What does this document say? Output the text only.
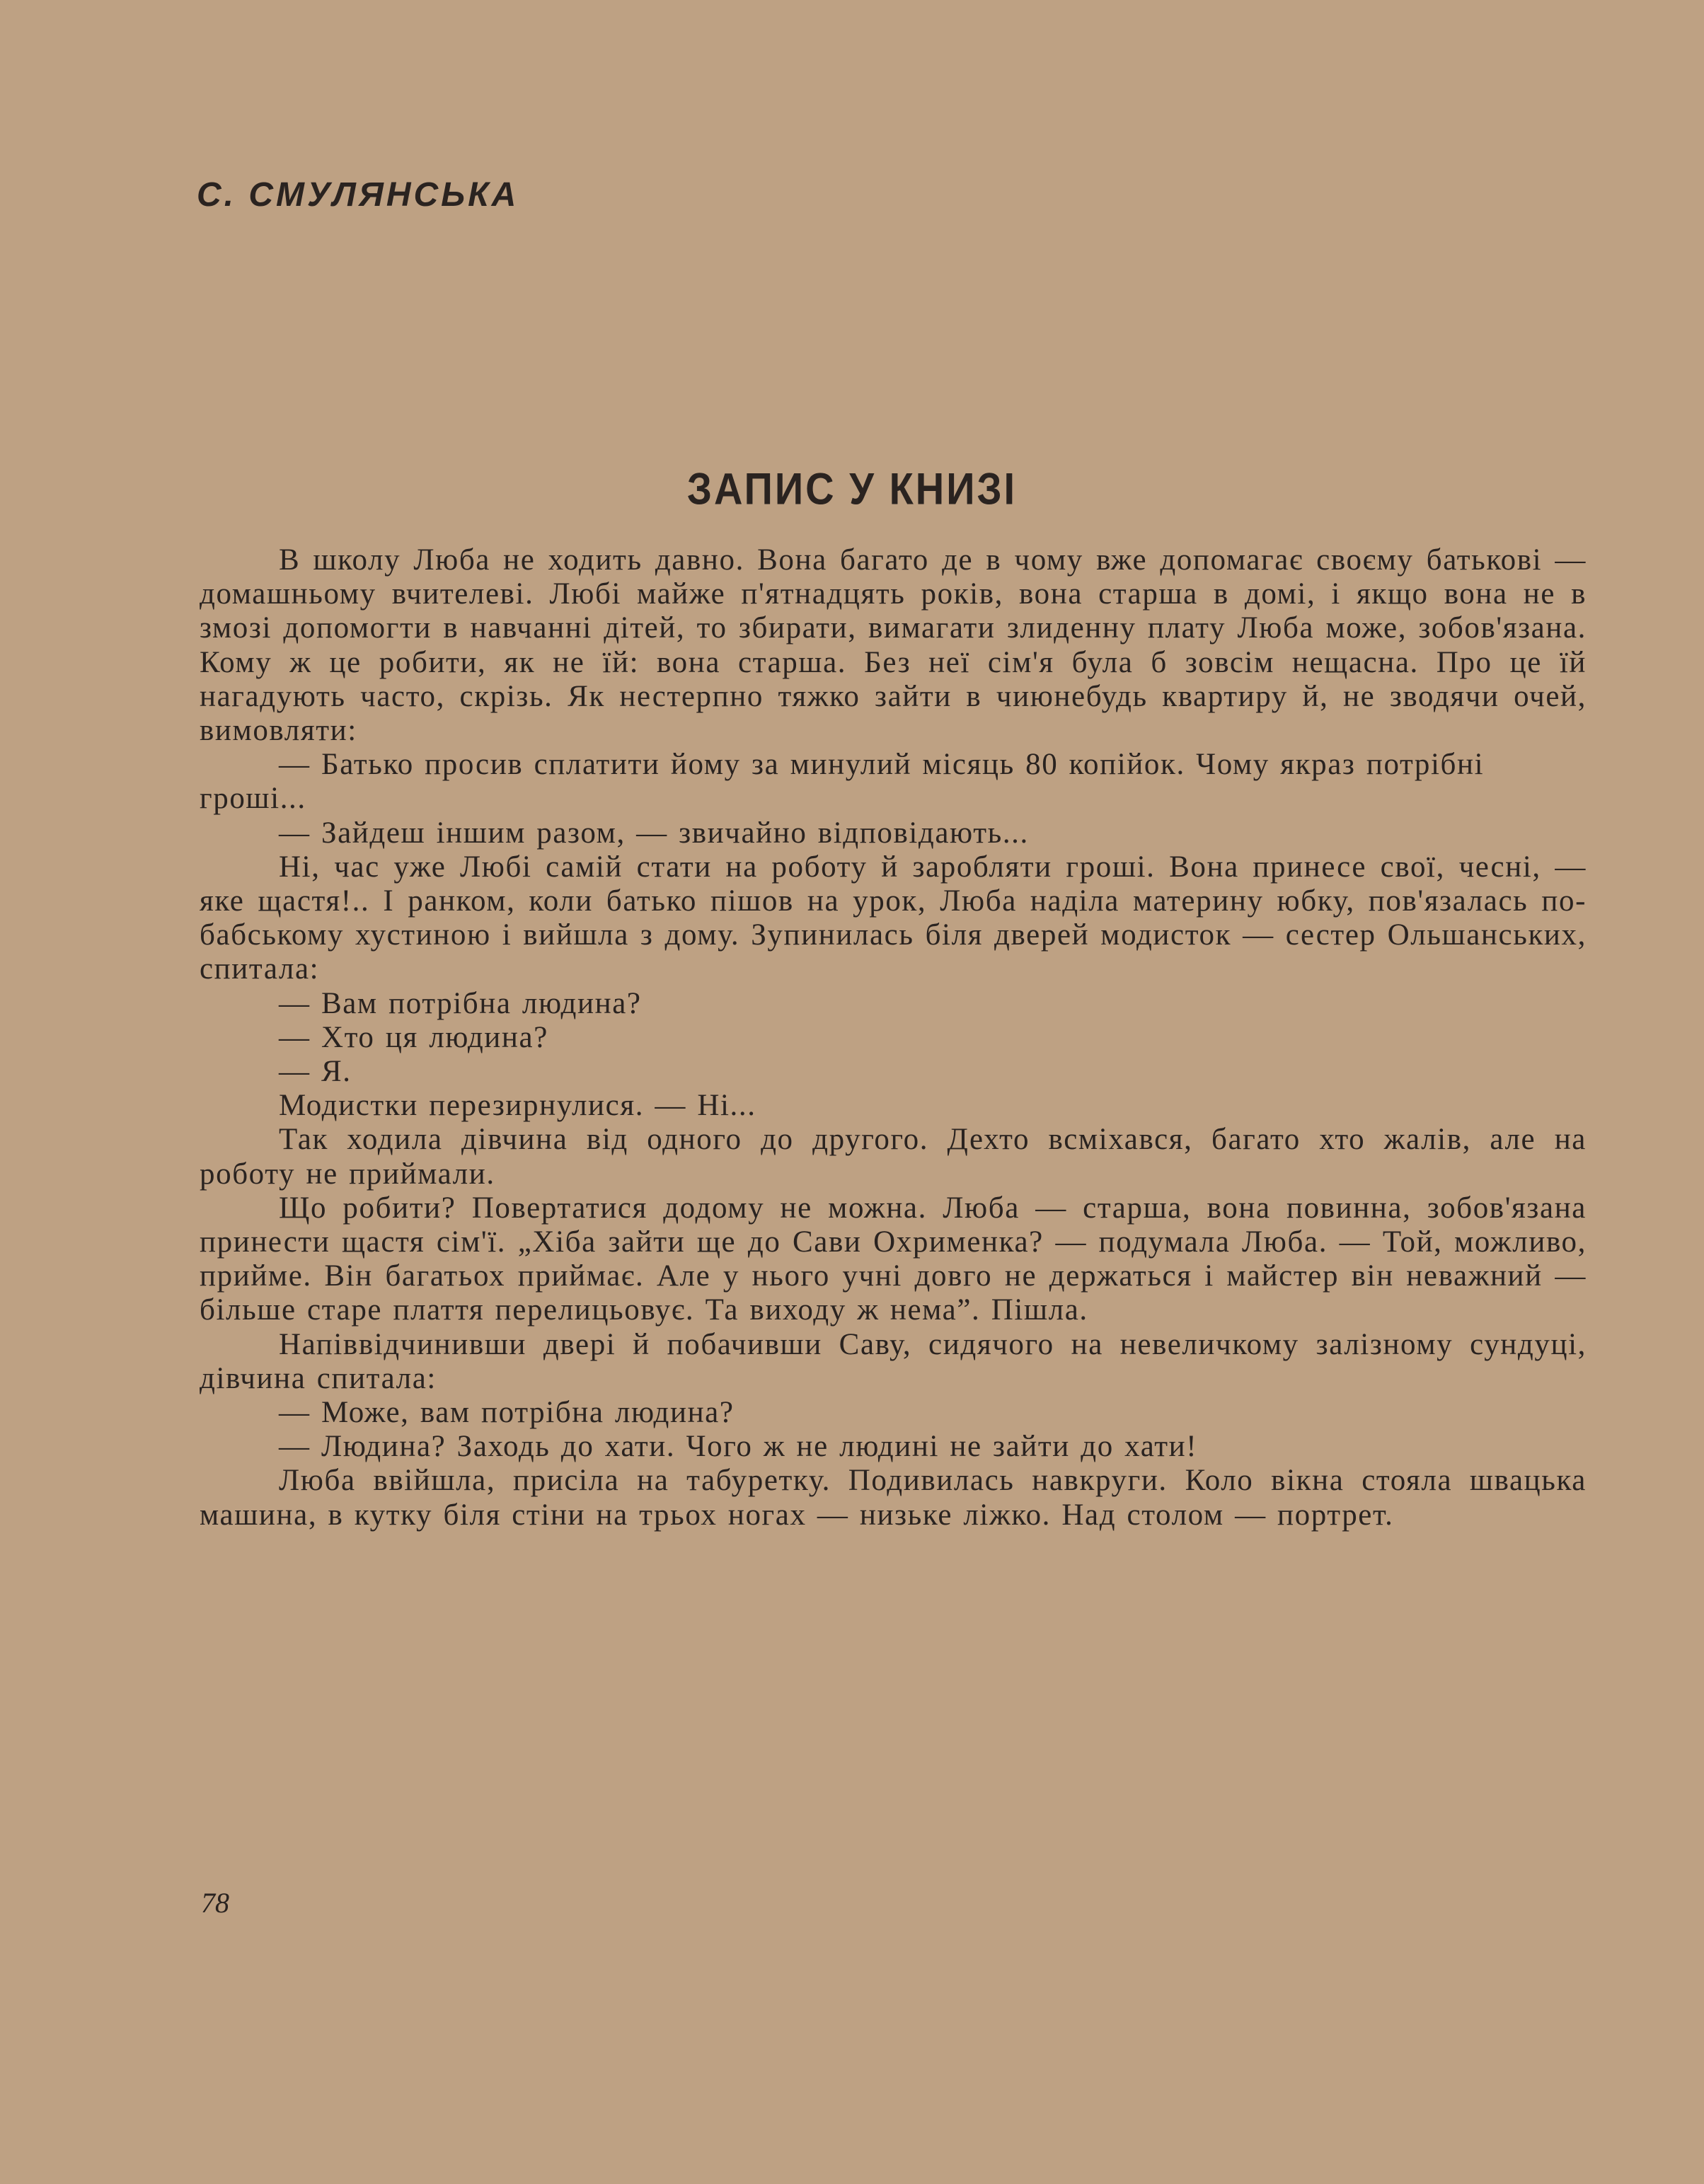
С. СМУЛЯНСЬКА
ЗАПИС У КНИЗІ

В школу Люба не ходить давно. Вона багато де в чому вже допомагає своєму батькові — домашньому вчителеві. Любі майже п'ятнадцять років, вона старша в домі, і якщо вона не в змозі допомогти в навчанні дітей, то збирати, вимагати злиденну плату Люба може, зобов'язана. Кому ж це робити, як не їй: вона старша. Без неї сім'я була б зовсім нещасна. Про це їй нагадують часто, скрізь. Як нестерпно тяжко зайти в чиюнебудь квартиру й, не зводячи очей, вимовляти:

— Батько просив сплатити йому за минулий місяць 80 копійок. Чому якраз потрібні гроші...

— Зайдеш іншим разом, — звичайно відповідають...

Ні, час уже Любі самій стати на роботу й заробляти гроші. Вона принесе свої, чесні, — яке щастя!.. І ранком, коли батько пішов на урок, Люба наділа материну юбку, пов'язалась по-бабському хустиною і вийшла з дому. Зупинилась біля дверей модисток — сестер Ольшанських, спитала:

— Вам потрібна людина?

— Хто ця людина?

— Я.

Модистки перезирнулися. — Ні...

Так ходила дівчина від одного до другого. Дехто всміхався, багато хто жалів, але на роботу не приймали.

Що робити? Повертатися додому не можна. Люба — старша, вона повинна, зобов'язана принести щастя сім'ї. „Хіба зайти ще до Сави Охрименка? — подумала Люба. — Той, можливо, прийме. Він багатьох приймає. Але у нього учні довго не держаться і майстер він неважний — більше старе плаття перелицьовує. Та виходу ж нема”. Пішла.

Напіввідчинивши двері й побачивши Саву, сидячого на невеличкому залізному сундуці, дівчина спитала:

— Може, вам потрібна людина?

— Людина? Заходь до хати. Чого ж не людині не зайти до хати!

Люба ввійшла, присіла на табуретку. Подивилась навкруги. Коло вікна стояла швацька машина, в кутку біля стіни на трьох ногах — низьке ліжко. Над столом — портрет.

78
